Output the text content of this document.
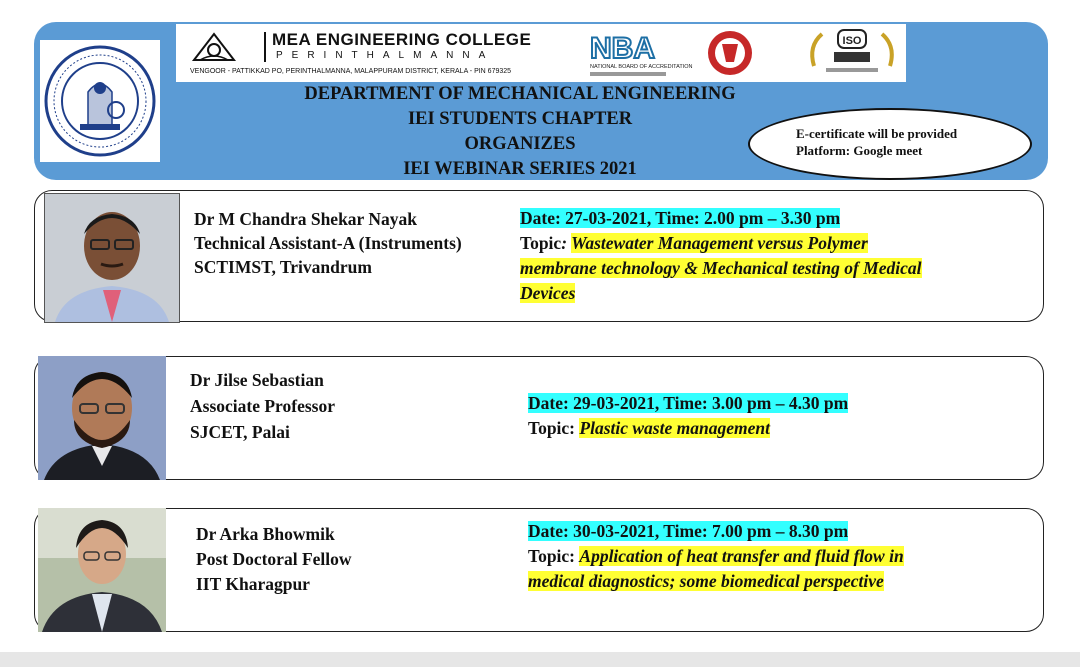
MEA ENGINEERING COLLEGE
PERINTHALMANNA
VENGOOR - PATTIKKAD PO, PERINTHALMANNA, MALAPPURAM DISTRICT, KERALA - PIN 679325
NBA
NATIONAL BOARD OF ACCREDITATION
ISO
DEPARTMENT OF MECHANICAL ENGINEERING
IEI STUDENTS CHAPTER
ORGANIZES
IEI WEBINAR SERIES 2021
E-certificate will be provided
Platform: Google meet
Dr M Chandra Shekar Nayak
Technical Assistant-A (Instruments)
SCTIMST, Trivandrum
Date: 27-03-2021, Time: 2.00 pm – 3.30 pm
Topic: Wastewater Management versus Polymer
membrane technology & Mechanical testing of Medical
Devices
Dr Jilse Sebastian
Associate Professor
SJCET, Palai
Date: 29-03-2021, Time: 3.00 pm – 4.30 pm
Topic: Plastic waste management
Dr Arka Bhowmik
Post Doctoral Fellow
IIT Kharagpur
Date: 30-03-2021, Time: 7.00 pm – 8.30 pm
Topic: Application of heat transfer and fluid flow in
medical diagnostics; some biomedical perspective
